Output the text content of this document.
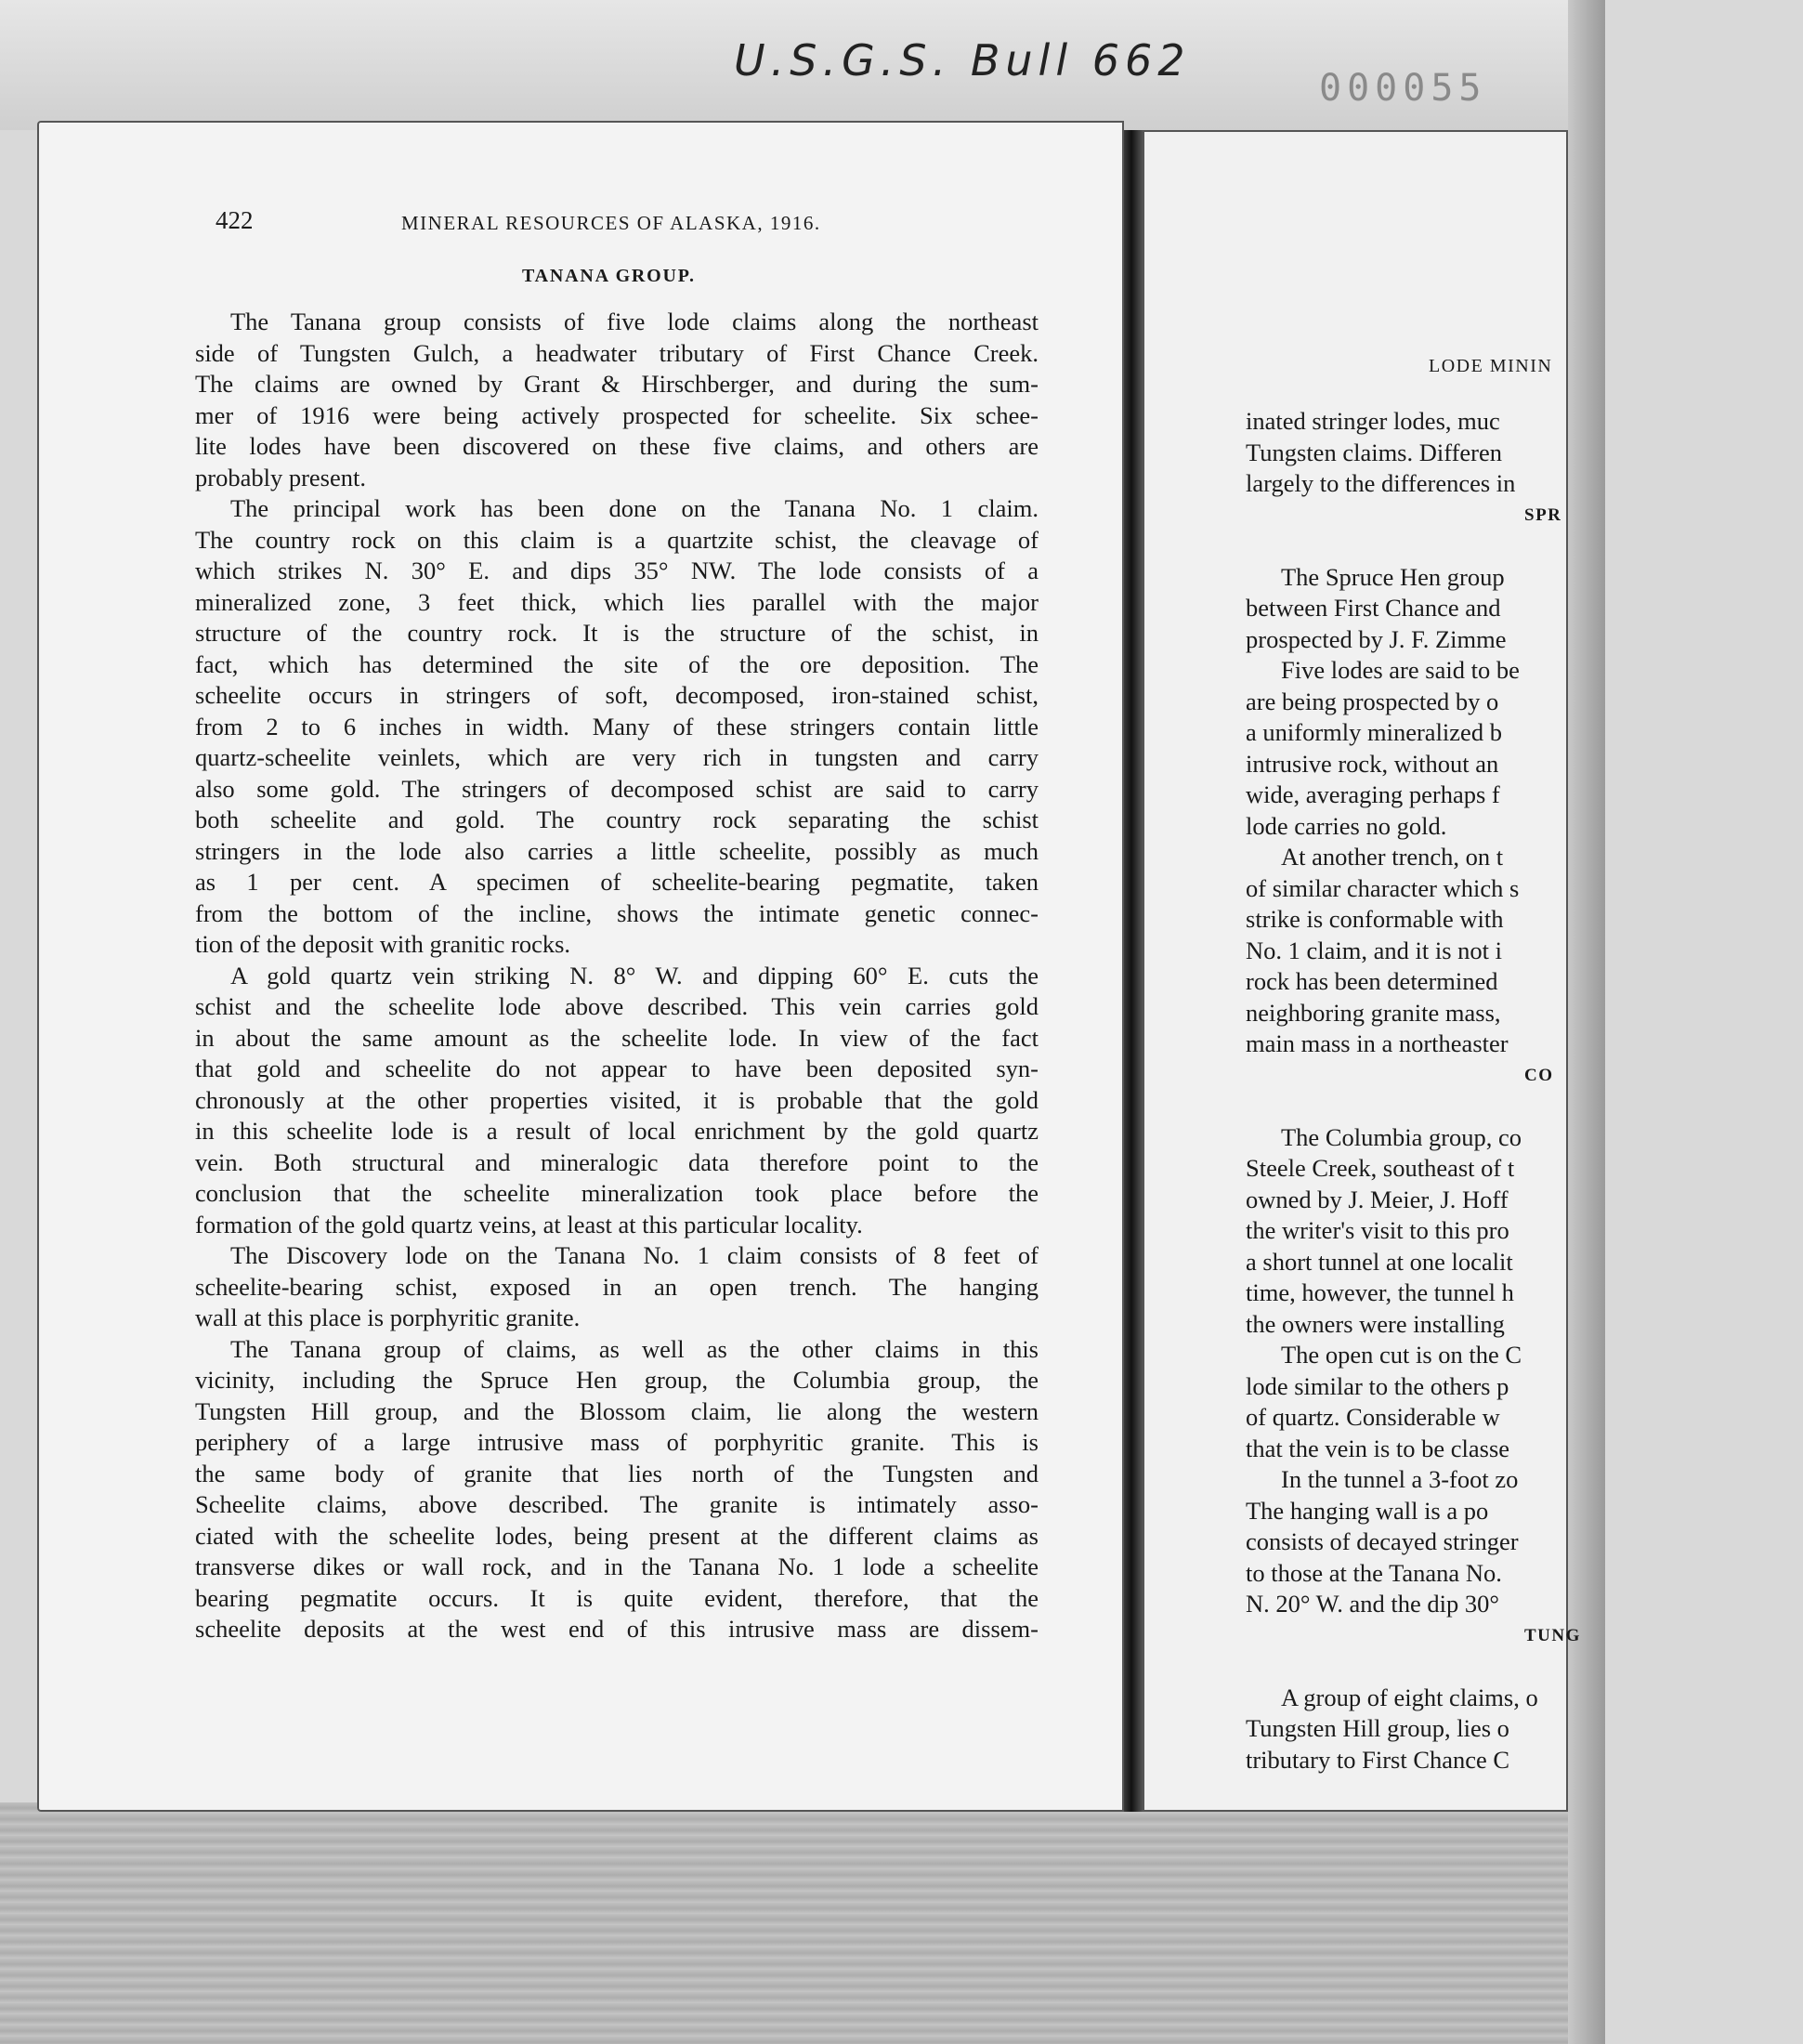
U.S.G.S. Bull 662
000055
LODE MININ
inated stringer lodes, muc
Tungsten claims. Differen
largely to the differences in
SPR
The Spruce Hen group
between First Chance and
prospected by J. F. Zimme
Five lodes are said to be
are being prospected by o
a uniformly mineralized b
intrusive rock, without an
wide, averaging perhaps f
lode carries no gold.
At another trench, on t
of similar character which s
strike is conformable with
No. 1 claim, and it is not i
rock has been determined
neighboring granite mass,
main mass in a northeaster
CO
The Columbia group, co
Steele Creek, southeast of t
owned by J. Meier, J. Hoff
the writer's visit to this pro
a short tunnel at one localit
time, however, the tunnel h
the owners were installing
The open cut is on the C
lode similar to the others p
of quartz. Considerable w
that the vein is to be classe
In the tunnel a 3-foot zo
The hanging wall is a po
consists of decayed stringer
to those at the Tanana No.
N. 20° W. and the dip 30°
TUNG
A group of eight claims, o
Tungsten Hill group, lies o
tributary to First Chance C
422	MINERAL RESOURCES OF ALASKA, 1916.
TANANA GROUP.
The Tanana group consists of five lode claims along the northeast
side of Tungsten Gulch, a headwater tributary of First Chance Creek.
The claims are owned by Grant & Hirschberger, and during the sum-
mer of 1916 were being actively prospected for scheelite. Six schee-
lite lodes have been discovered on these five claims, and others are
probably present.
The principal work has been done on the Tanana No. 1 claim.
The country rock on this claim is a quartzite schist, the cleavage of
which strikes N. 30° E. and dips 35° NW. The lode consists of a
mineralized zone, 3 feet thick, which lies parallel with the major
structure of the country rock. It is the structure of the schist, in
fact, which has determined the site of the ore deposition. The
scheelite occurs in stringers of soft, decomposed, iron-stained schist,
from 2 to 6 inches in width. Many of these stringers contain little
quartz-scheelite veinlets, which are very rich in tungsten and carry
also some gold. The stringers of decomposed schist are said to carry
both scheelite and gold. The country rock separating the schist
stringers in the lode also carries a little scheelite, possibly as much
as 1 per cent. A specimen of scheelite-bearing pegmatite, taken
from the bottom of the incline, shows the intimate genetic connec-
tion of the deposit with granitic rocks.
A gold quartz vein striking N. 8° W. and dipping 60° E. cuts the
schist and the scheelite lode above described. This vein carries gold
in about the same amount as the scheelite lode. In view of the fact
that gold and scheelite do not appear to have been deposited syn-
chronously at the other properties visited, it is probable that the gold
in this scheelite lode is a result of local enrichment by the gold quartz
vein. Both structural and mineralogic data therefore point to the
conclusion that the scheelite mineralization took place before the
formation of the gold quartz veins, at least at this particular locality.
The Discovery lode on the Tanana No. 1 claim consists of 8 feet of
scheelite-bearing schist, exposed in an open trench. The hanging
wall at this place is porphyritic granite.
The Tanana group of claims, as well as the other claims in this
vicinity, including the Spruce Hen group, the Columbia group, the
Tungsten Hill group, and the Blossom claim, lie along the western
periphery of a large intrusive mass of porphyritic granite. This is
the same body of granite that lies north of the Tungsten and
Scheelite claims, above described. The granite is intimately asso-
ciated with the scheelite lodes, being present at the different claims as
transverse dikes or wall rock, and in the Tanana No. 1 lode a scheelite
bearing pegmatite occurs. It is quite evident, therefore, that the
scheelite deposits at the west end of this intrusive mass are dissem-
